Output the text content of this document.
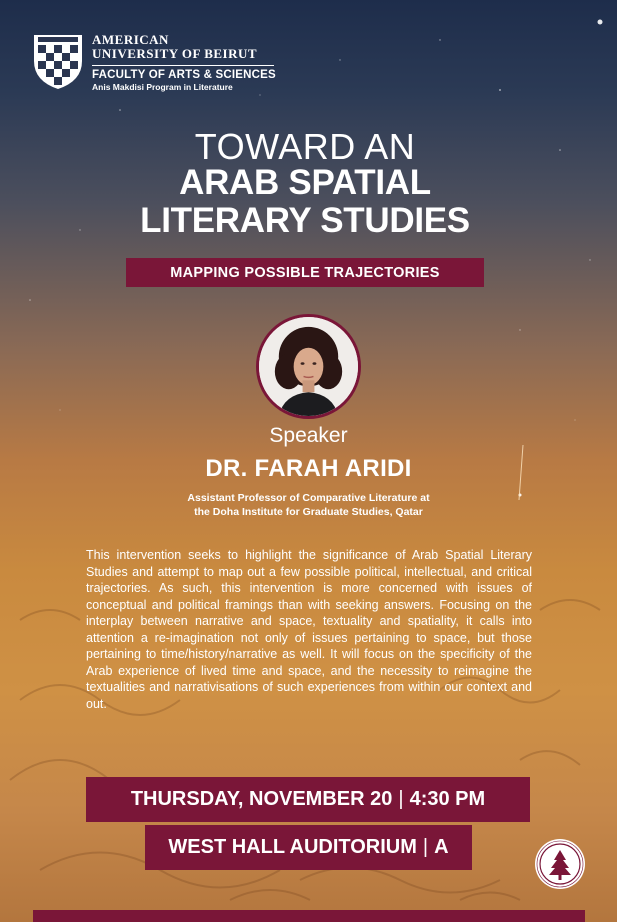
AMERICAN
UNIVERSITY OF BEIRUT
FACULTY OF ARTS & SCIENCES
Anis Makdisi Program in Literature
TOWARD AN
ARAB SPATIAL
LITERARY STUDIES
MAPPING POSSIBLE TRAJECTORIES
Speaker
DR. FARAH ARIDI
Assistant Professor of Comparative Literature at
the Doha Institute for Graduate Studies, Qatar

This intervention seeks to highlight the significance of Arab Spatial Literary Studies and attempt to map out a few possible political, intellectual, and critical trajectories. As such, this intervention is more concerned with issues of conceptual and political framings than with seeking answers. Focusing on the interplay between narrative and space, textuality and spatiality, it calls into attention a re-imagination not only of issues pertaining to space, but those pertaining to time/history/narrative as well. It will focus on the specificity of the Arab experience of lived time and space, and the necessity to reimagine the textualities and narrativisations of such experiences from within our context and out.

THURSDAY, NOVEMBER 20 | 4:30 PM
WEST HALL AUDITORIUM | A
